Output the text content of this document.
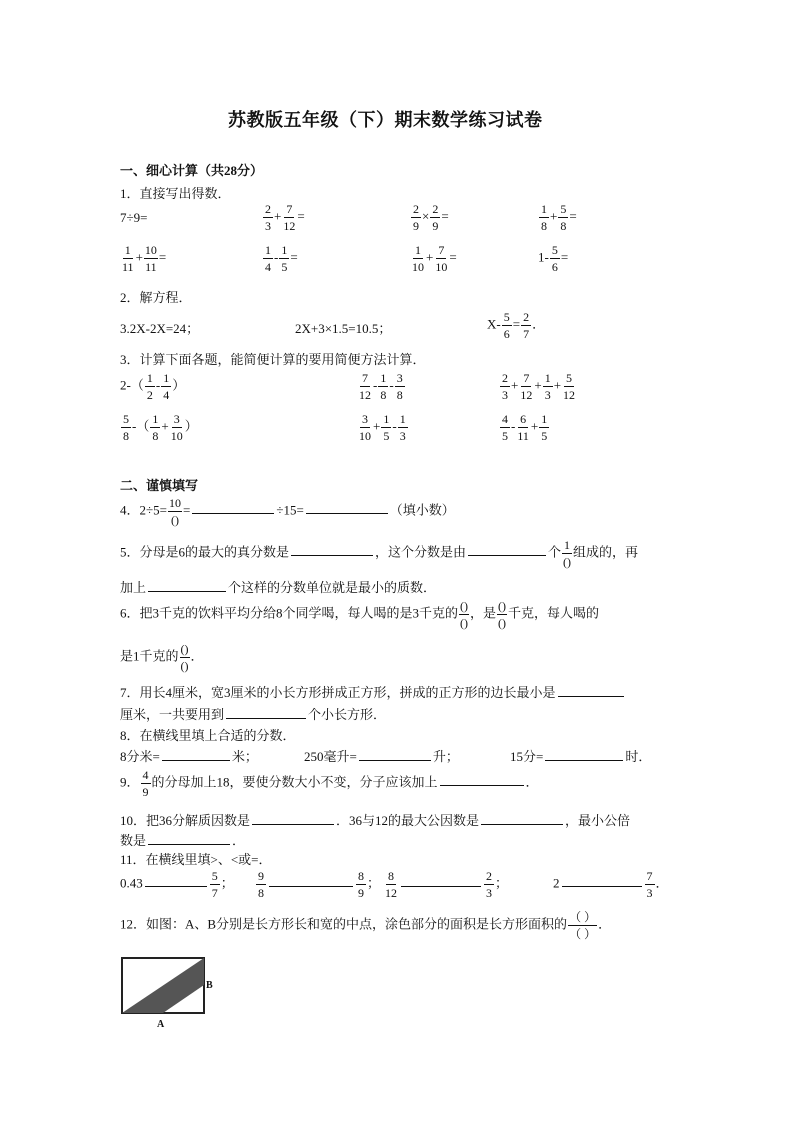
苏教版五年级（下）期末数学练习试卷
一、细心计算（共28分）
1．直接写出得数．
7÷9=	$\frac{2}{3} + \frac{7}{12}$ =	$\frac{2}{9} \times \frac{2}{9}$ =	$\frac{1}{8} + \frac{5}{8}$ =
$\frac{1}{11} + \frac{10}{11}$ =	$\frac{1}{4} - \frac{1}{5}$ =	$\frac{1}{10} + \frac{7}{10}$ =	$1- \frac{5}{6}$ =
2．解方程．
3.2X-2X=24；	2X+3×1.5=10.5；	$X- \frac{5}{6} = \frac{2}{7}$ ．
3．计算下面各题，能简便计算的要用简便方法计算．
$2-( \frac{1}{2} - \frac{1}{4}$ ）	$\frac{7}{12} - \frac{1}{8} - \frac{3}{8}$	$\frac{2}{3} + \frac{7}{12} + \frac{1}{3} + \frac{5}{12}$
$\frac{5}{8}$ -（ $\frac{1}{8} + \frac{3}{10}$ ）	$\frac{3}{10} + \frac{1}{5} - \frac{1}{3}$	$\frac{4}{5} - \frac{6}{11} + \frac{1}{5}$
二、谨慎填写
4．2÷5= 10
()
=	÷15=	（填小数）
5．分母是6的最大的真分数是	，这个分数是由	个 1
()
组成的，再
加上	个这样的分数单位就是最小的质数．
6．把3千克的饮料平均分给8个同学喝，每人喝的是3千克的 ()
()
，是 ()
()
千克，每人喝的
是1千克的 ()
()
．
7．用长4厘米，宽3厘米的小长方形拼成正方形，拼成的正方形的边长最小是
厘米，一共要用到	个小长方形．
8．在横线里填上合适的分数．
8分米=	米；	250毫升=	升；	15分=	时．
9． $\frac{4}{9}$ 的分母加上18，要使分数大小不变，分子应该加上	．
10．把36分解质因数是	．36与12的最大公因数是	，最小公倍
数是	．
11．在横线里填>、<或=．
0.43	$\frac{5}{7}$ ； $\frac{9}{8}$	$\frac{8}{9}$ ； $\frac{8}{12}$	$\frac{2}{3}$ ；	2	$\frac{7}{3}$ ．
12．如图：A、B分别是长方形长和宽的中点，涂色部分的面积是长方形面积的 （ ）
（ ）
．
B
A
